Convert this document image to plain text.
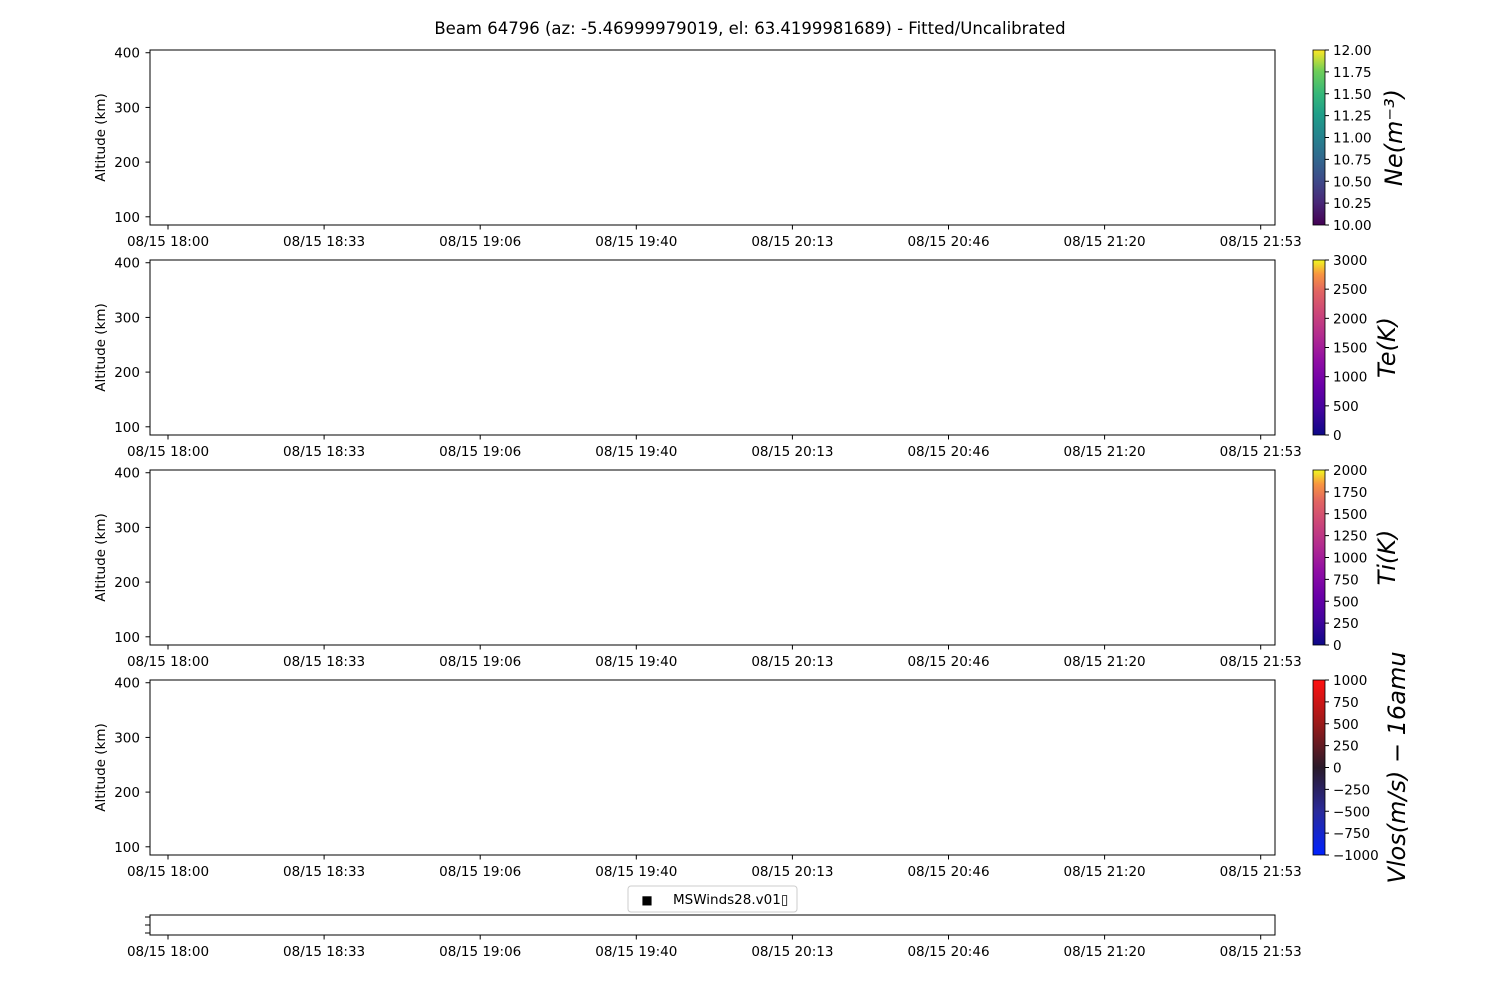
Beam 64796 (az: -5.46999979019, el: 63.4199981689) - Fitted/Uncalibrated
100
200
300
400
08/15 18:00	08/15 18:33	08/15 19:06	08/15 19:40	08/15 20:13	08/15 20:46	08/15 21:20	08/15 21:53
Altitude (km)
100
200
300
400
08/15 18:00	08/15 18:33	08/15 19:06	08/15 19:40	08/15 20:13	08/15 20:46	08/15 21:20	08/15 21:53
Altitude (km)
100
200
300
400
08/15 18:00	08/15 18:33	08/15 19:06	08/15 19:40	08/15 20:13	08/15 20:46	08/15 21:20	08/15 21:53
Altitude (km)
100
200
300
400
08/15 18:00	08/15 18:33	08/15 19:06	08/15 19:40	08/15 20:13	08/15 20:46	08/15 21:20	08/15 21:53
Altitude (km)
10.00
10.25
10.50
10.75
11.00
11.25
11.50
11.75
12.00
Ne(m⁻³)
0
500
1000
1500
2000
2500
3000
Te(K)
0
250
500
750
1000
1250
1500
1750
2000
Ti(K)
−1000
−750
−500
−250
0
250
500
750
1000 Vlos(m/s) − 16amu
■ MSWinds28.v01▯
08/15 18:00	08/15 18:33	08/15 19:06	08/15 19:40	08/15 20:13	08/15 20:46	08/15 21:20	08/15 21:53
